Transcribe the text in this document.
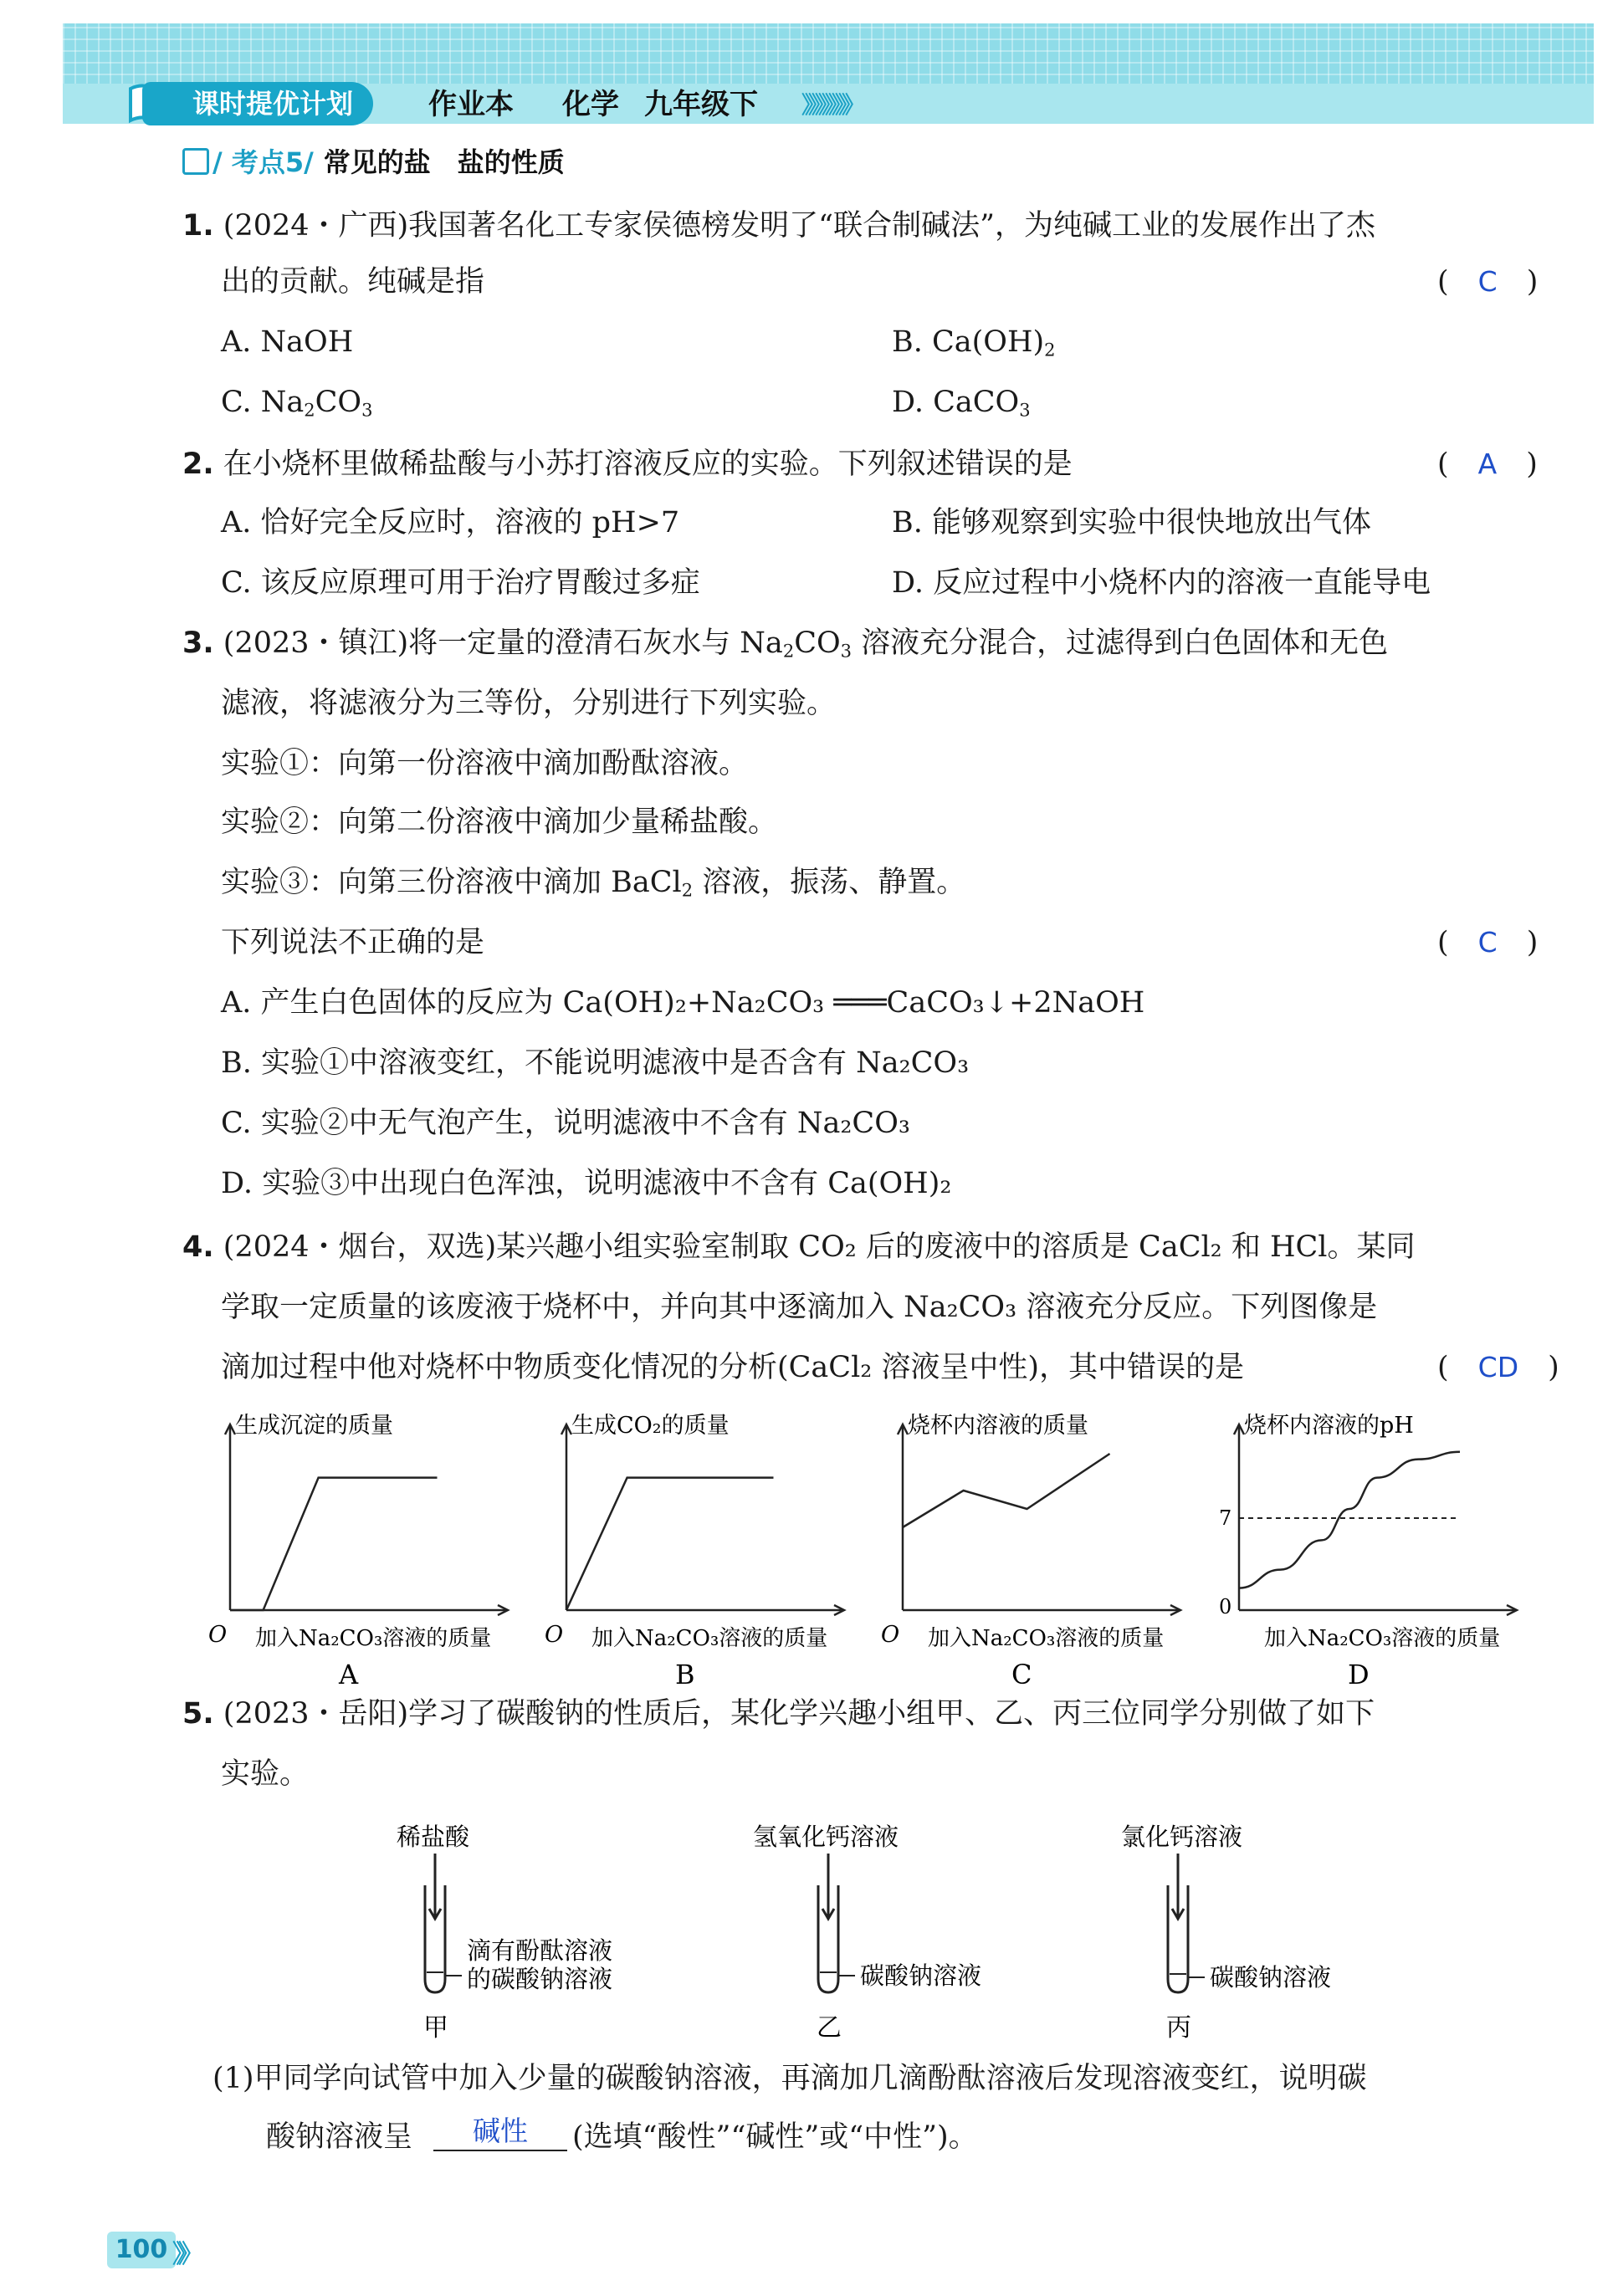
课时提优计划	作业本 化学 九年级下 》》》》》》》
/ 考点5/ 常见的盐　盐的性质
1. (2024・广西)我国著名化工专家侯德榜发明了“联合制碱法”，为纯碱工业的发展作出了杰
出的贡献。纯碱是指	(　C　)
A. NaOH	B. $Ca(OH)_2$
C. $Na_2CO_3$	D. CaCO$_3$
2. 在小烧杯里做稀盐酸与小苏打溶液反应的实验。下列叙述错误的是	(　A　)
A. 恰好完全反应时，溶液的 pH>7	B. 能够观察到实验中很快地放出气体
C. 该反应原理可用于治疗胃酸过多症	D. 反应过程中小烧杯内的溶液一直能导电
3. (2023・镇江)将一定量的澄清石灰水与 $Na_2CO_3$ 溶液充分混合，过滤得到白色固体和无色
滤液，将滤液分为三等份，分别进行下列实验。
实验①：向第一份溶液中滴加酚酞溶液。
实验②：向第二份溶液中滴加少量稀盐酸。
实验③：向第三份溶液中滴加 BaCl$_2$ 溶液，振荡、静置。
下列说法不正确的是	(　C　)
A. 产生白色固体的反应为 Ca(OH)₂+Na₂CO₃ ═══CaCO₃↓+2NaOH
B. 实验①中溶液变红，不能说明滤液中是否含有 Na₂CO₃
C. 实验②中无气泡产生，说明滤液中不含有 Na₂CO₃
D. 实验③中出现白色浑浊，说明滤液中不含有 Ca(OH)₂
4. (2024・烟台，双选)某兴趣小组实验室制取 CO₂ 后的废液中的溶质是 CaCl₂ 和 HCl。某同
学取一定质量的该废液于烧杯中，并向其中逐滴加入 Na₂CO₃ 溶液充分反应。下列图像是
滴加过程中他对烧杯中物质变化情况的分析(CaCl₂ 溶液呈中性)，其中错误的是	(　CD　)
生成沉淀的质量
加入Na₂CO₃溶液的质量
O
A
生成CO₂的质量
加入Na₂CO₃溶液的质量
O
B
烧杯内溶液的质量
加入Na₂CO₃溶液的质量
O
C
烧杯内溶液的pH
加入Na₂CO₃溶液的质量
7
0
D
5. (2023・岳阳)学习了碳酸钠的性质后，某化学兴趣小组甲、乙、丙三位同学分别做了如下
实验。
稀盐酸
滴有酚酞溶液
的碳酸钠溶液
甲
氢氧化钙溶液
碳酸钠溶液
乙
氯化钙溶液
碳酸钠溶液
丙
(1)甲同学向试管中加入少量的碳酸钠溶液，再滴加几滴酚酞溶液后发现溶液变红，说明碳
酸钠溶液呈	碱性	(选填“酸性”“碱性”或“中性”)。
100 》》
